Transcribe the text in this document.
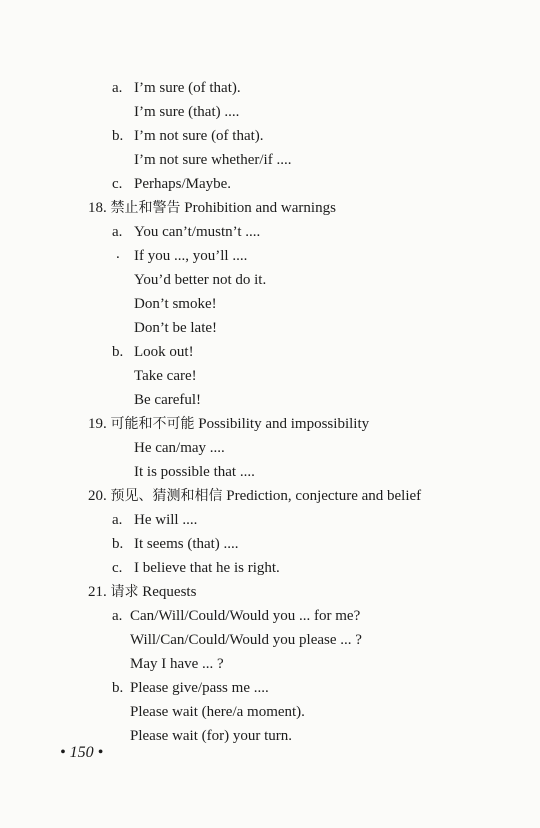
a. I’m sure (of that).
I’m sure (that) ....
b. I’m not sure (of that).
I’m not sure whether/if ....
c. Perhaps/Maybe.
18. 禁止和警告 Prohibition and warnings
a. You can’t/mustn’t ....
. If you ..., you’ll ....
You’d better not do it.
Don’t smoke!
Don’t be late!
b. Look out!
Take care!
Be careful!
19. 可能和不可能 Possibility and impossibility
He can/may ....
It is possible that ....
20. 预见、猜测和相信 Prediction, conjecture and belief
a. He will ....
b. It seems (that) ....
c. I believe that he is right.
21. 请求 Requests
a. Can/Will/Could/Would you ... for me?
Will/Can/Could/Would you please ... ?
May I have ... ?
b. Please give/pass me ....
Please wait (here/a moment).
Please wait (for) your turn.
• 150 •
